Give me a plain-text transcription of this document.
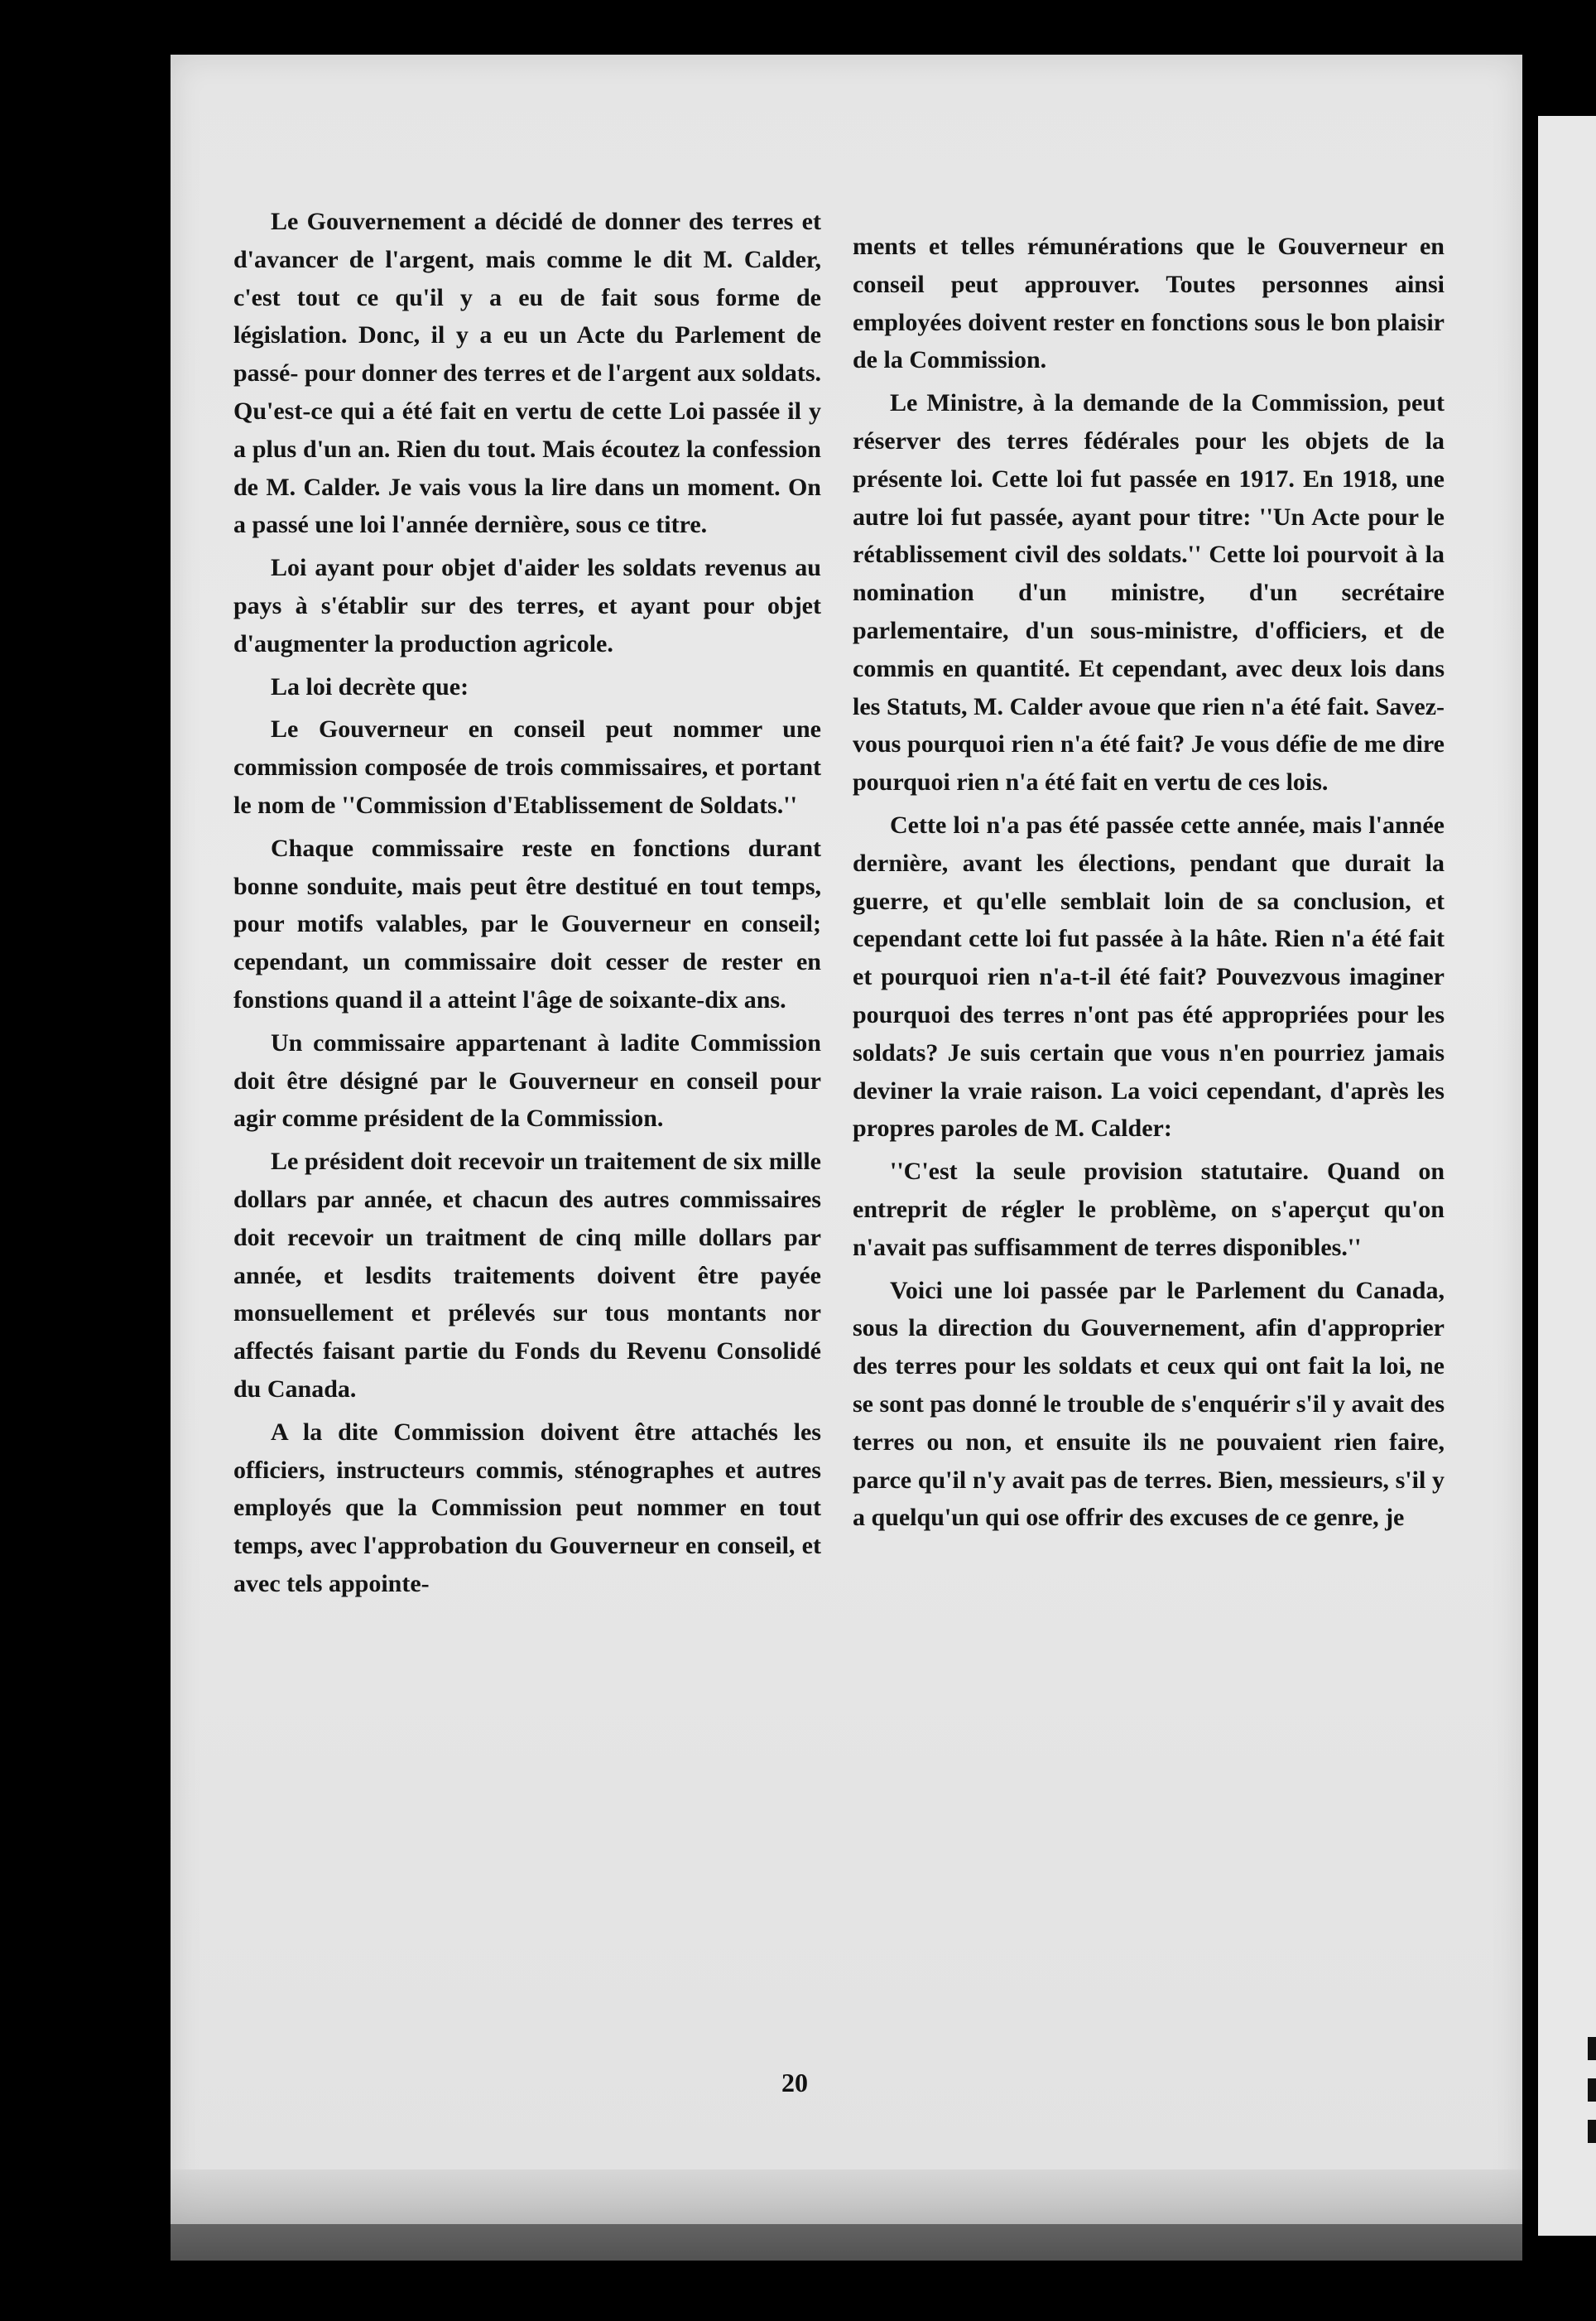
Le Gouvernement a décidé de donner des terres et d'avancer de l'argent, mais comme le dit M. Calder, c'est tout ce qu'il y a eu de fait sous forme de législation. Donc, il y a eu un Acte du Parlement de passé- pour donner des terres et de l'argent aux soldats. Qu'est-ce qui a été fait en vertu de cette Loi passée il y a plus d'un an. Rien du tout. Mais écoutez la confession de M. Calder. Je vais vous la lire dans un moment. On a passé une loi l'année dernière, sous ce titre.

Loi ayant pour objet d'aider les soldats revenus au pays à s'établir sur des terres, et ayant pour objet d'augmenter la production agricole.

La loi decrète que:

Le Gouverneur en conseil peut nommer une commission composée de trois commissaires, et portant le nom de ''Commission d'Etablissement de Soldats.''

Chaque commissaire reste en fonctions durant bonne sonduite, mais peut être destitué en tout temps, pour motifs valables, par le Gouverneur en conseil; cependant, un commissaire doit cesser de rester en fonstions quand il a atteint l'âge de soixante-dix ans.

Un commissaire appartenant à ladite Commission doit être désigné par le Gouverneur en conseil pour agir comme président de la Commission.

Le président doit recevoir un traitement de six mille dollars par année, et chacun des autres commissaires doit recevoir un traitment de cinq mille dollars par année, et lesdits traitements doivent être payée monsuellement et prélevés sur tous montants nor affectés faisant partie du Fonds du Revenu Consolidé du Canada.

A la dite Commission doivent être attachés les officiers, instructeurs commis, sténographes et autres employés que la Commission peut nommer en tout temps, avec l'approbation du Gouverneur en conseil, et avec tels appointe-

ments et telles rémunérations que le Gouverneur en conseil peut approuver. Toutes personnes ainsi employées doivent rester en fonctions sous le bon plaisir de la Commission.

Le Ministre, à la demande de la Commission, peut réserver des terres fédérales pour les objets de la présente loi. Cette loi fut passée en 1917. En 1918, une autre loi fut passée, ayant pour titre: ''Un Acte pour le rétablissement civil des soldats.'' Cette loi pourvoit à la nomination d'un ministre, d'un secrétaire parlementaire, d'un sous-ministre, d'officiers, et de commis en quantité. Et cependant, avec deux lois dans les Statuts, M. Calder avoue que rien n'a été fait. Savez-vous pourquoi rien n'a été fait? Je vous défie de me dire pourquoi rien n'a été fait en vertu de ces lois.

Cette loi n'a pas été passée cette année, mais l'année dernière, avant les élections, pendant que durait la guerre, et qu'elle semblait loin de sa conclusion, et cependant cette loi fut passée à la hâte. Rien n'a été fait et pourquoi rien n'a-t-il été fait? Pouvezvous imaginer pourquoi des terres n'ont pas été appropriées pour les soldats? Je suis certain que vous n'en pourriez jamais deviner la vraie raison. La voici cependant, d'après les propres paroles de M. Calder:

''C'est la seule provision statutaire. Quand on entreprit de régler le problème, on s'aperçut qu'on n'avait pas suffisamment de terres disponibles.''

Voici une loi passée par le Parlement du Canada, sous la direction du Gouvernement, afin d'approprier des terres pour les soldats et ceux qui ont fait la loi, ne se sont pas donné le trouble de s'enquérir s'il y avait des terres ou non, et ensuite ils ne pouvaient rien faire, parce qu'il n'y avait pas de terres. Bien, messieurs, s'il y a quelqu'un qui ose offrir des excuses de ce genre, je

20
